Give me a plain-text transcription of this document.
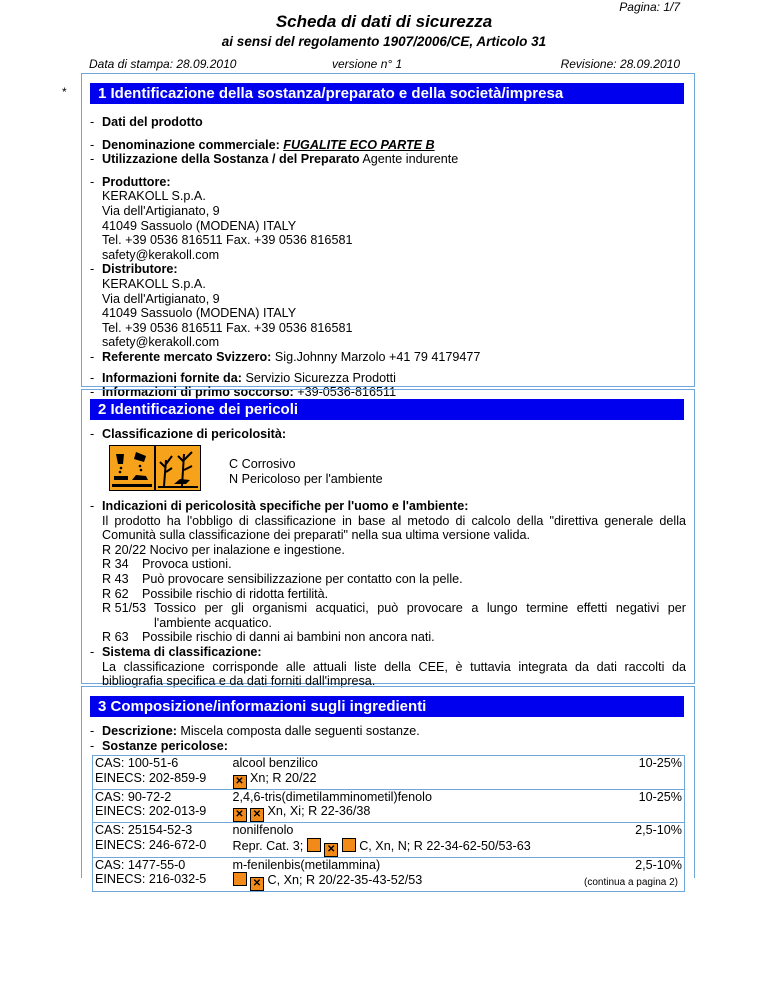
Pagina: 1/7
Scheda di dati di sicurezza
ai sensi del regolamento 1907/2006/CE, Articolo 31
Data di stampa: 28.09.2010	versione n° 1	Revisione: 28.09.2010
*	1 Identificazione della sostanza/preparato e della società/impresa
- Dati del prodotto
- Denominazione commerciale: FUGALITE ECO PARTE B
- Utilizzazione della Sostanza / del Preparato Agente indurente
- Produttore:
KERAKOLL S.p.A.
Via dell'Artigianato, 9
41049 Sassuolo (MODENA) ITALY
Tel. +39 0536 816511 Fax. +39 0536 816581
safety@kerakoll.com
- Distributore:
KERAKOLL S.p.A.
Via dell'Artigianato, 9
41049 Sassuolo (MODENA) ITALY
Tel. +39 0536 816511 Fax. +39 0536 816581
safety@kerakoll.com
- Referente mercato Svizzero: Sig.Johnny Marzolo +41 79 4179477
- Informazioni fornite da: Servizio Sicurezza Prodotti
- Informazioni di primo soccorso: +39-0536-816511
2 Identificazione dei pericoli
- Classificazione di pericolosità:
C Corrosivo
N Pericoloso per l'ambiente
- Indicazioni di pericolosità specifiche per l'uomo e l'ambiente:
Il prodotto ha l'obbligo di classificazione in base al metodo di calcolo della "direttiva generale della Comunità sulla classificazione dei preparati" nella sua ultima versione valida.
R 20/22 Nocivo per inalazione e ingestione.
R 34 Provoca ustioni.
R 43 Può provocare sensibilizzazione per contatto con la pelle.
R 62 Possibile rischio di ridotta fertilità.
R 51/53 Tossico per gli organismi acquatici, può provocare a lungo termine effetti negativi per l'ambiente acquatico.
R 63 Possibile rischio di danni ai bambini non ancora nati.
- Sistema di classificazione:
La classificazione corrisponde alle attuali liste della CEE, è tuttavia integrata da dati raccolti da bibliografia specifica e da dati forniti dall'impresa.
3 Composizione/informazioni sugli ingredienti
- Descrizione: Miscela composta dalle seguenti sostanze.
- Sostanze pericolose:
CAS: 100-51-6	alcool benzilico	10-25%
EINECS: 202-859-9	✕ Xn; R 20/22	
CAS: 90-72-2	2,4,6-tris(dimetilamminometil)fenolo	10-25%
EINECS: 202-013-9	✕ ✕ Xn, Xi; R 22-36/38	
CAS: 25154-52-3	nonilfenolo	2,5-10%
EINECS: 246-672-0	Repr. Cat. 3; ✕ C, Xn, N; R 22-34-62-50/53-63	
CAS: 1477-55-0	m-fenilenbis(metilammina)	2,5-10%
EINECS: 216-032-5	✕ C, Xn; R 20/22-35-43-52/53		(continua a pagina 2)
